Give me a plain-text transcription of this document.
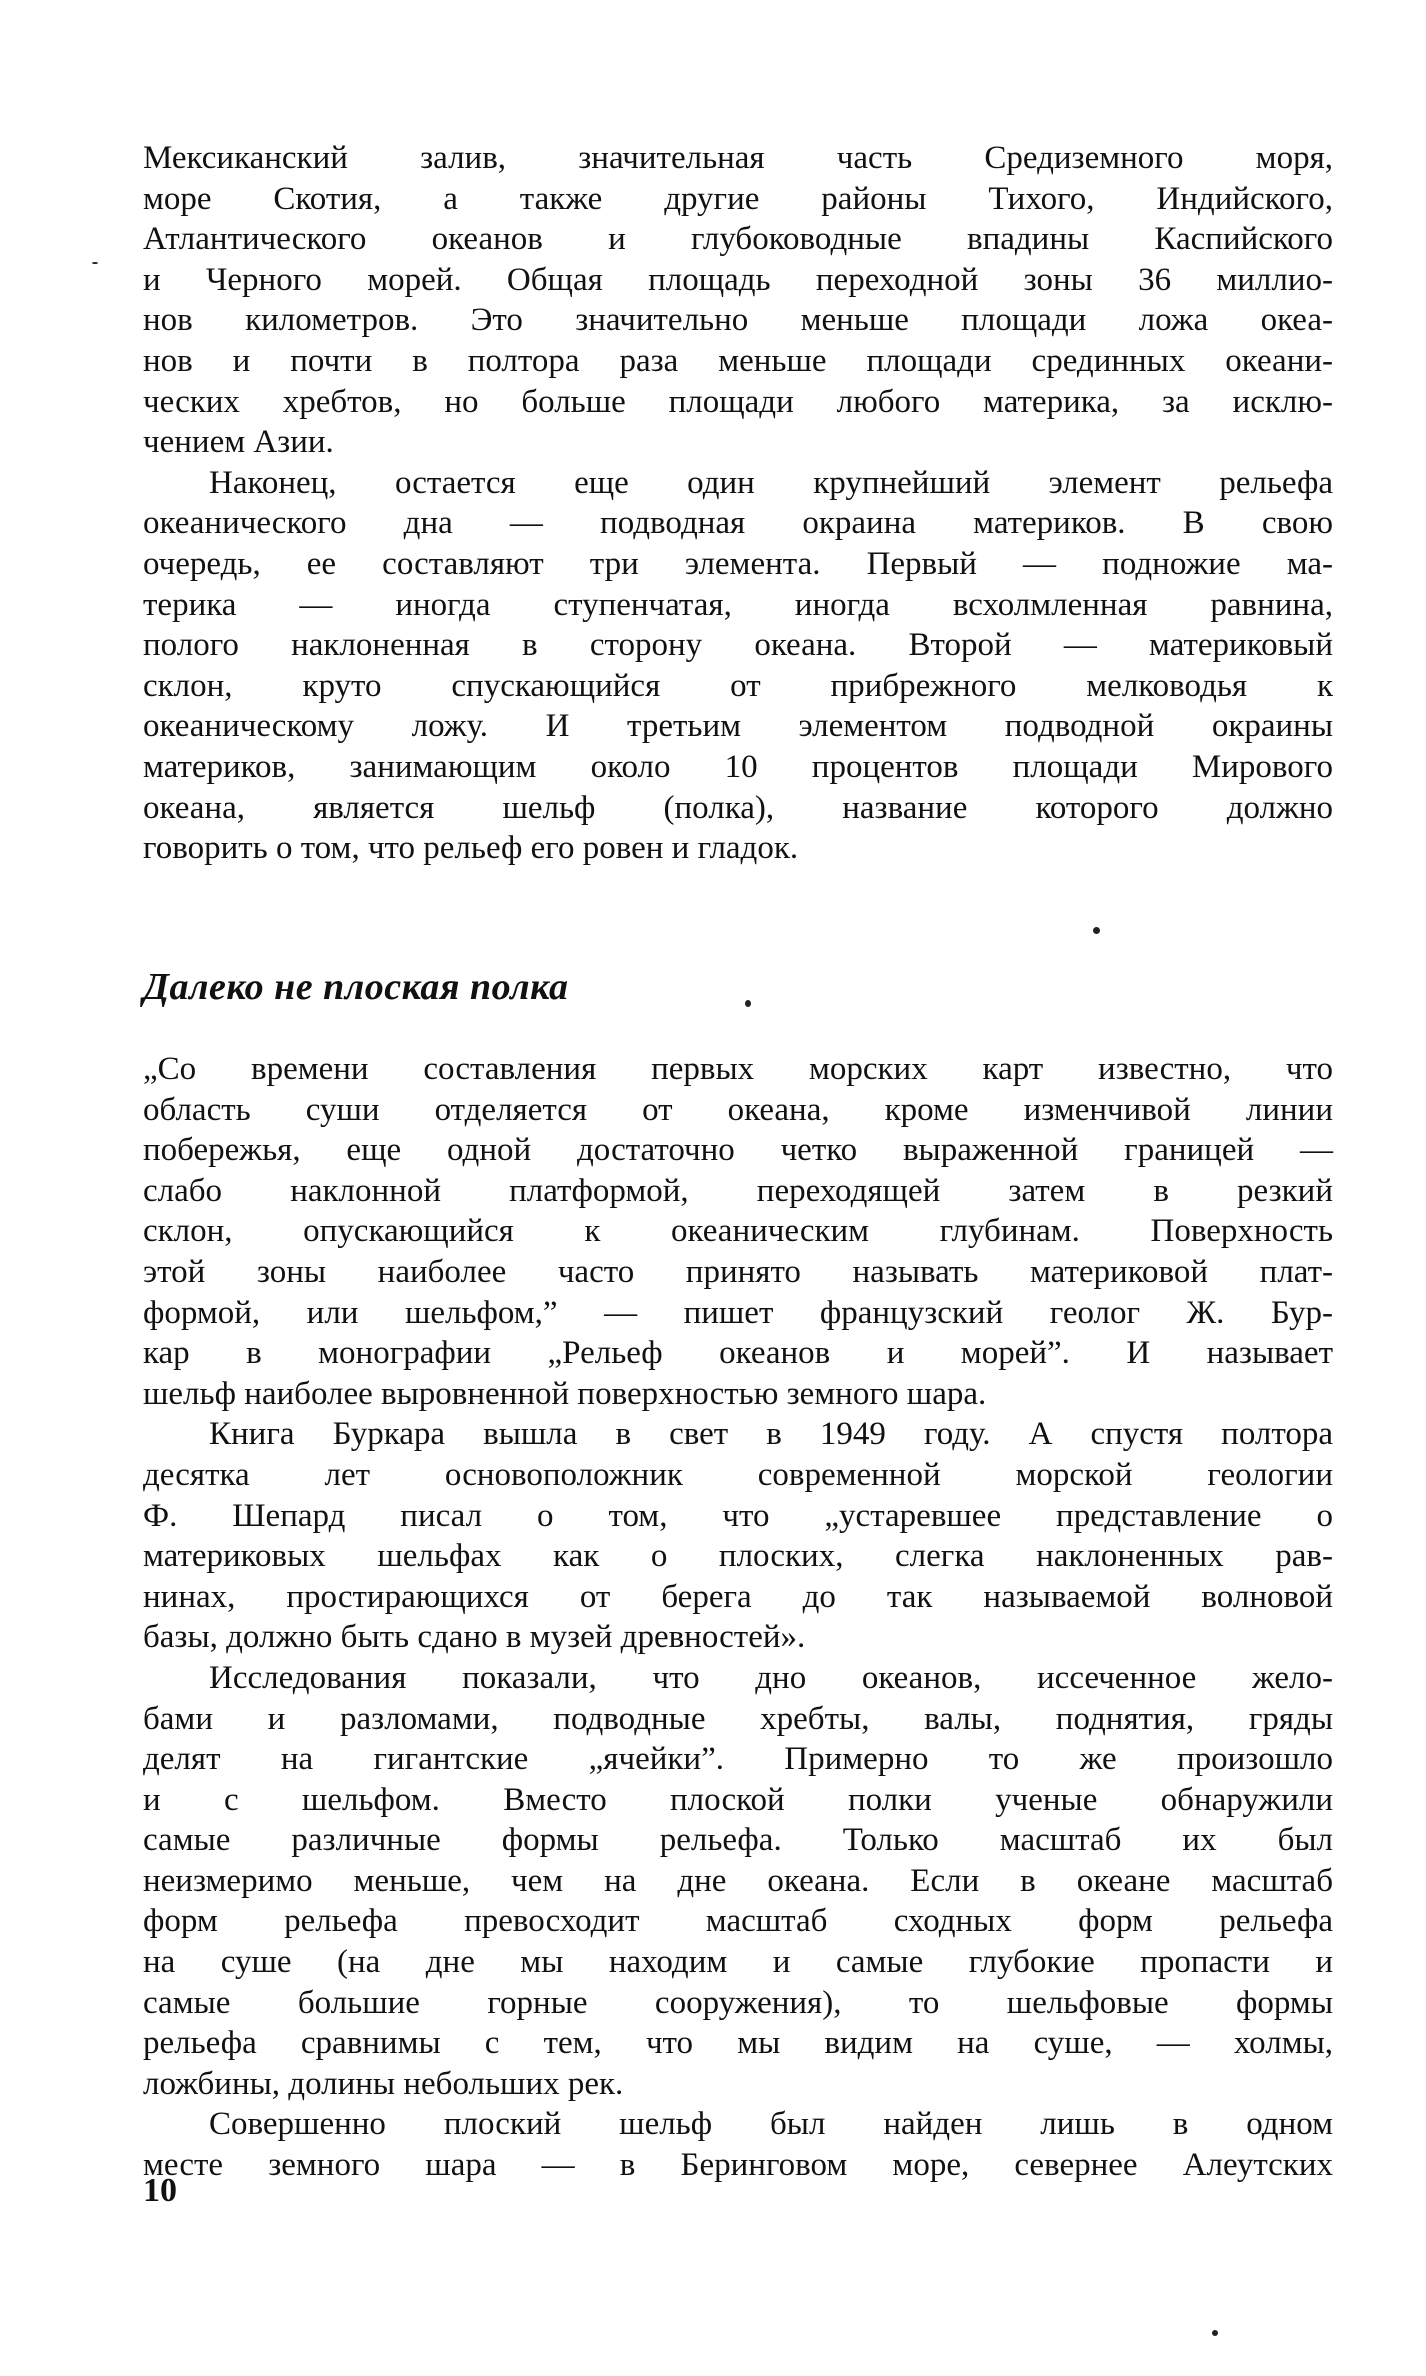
Мексиканский залив, значительная часть Средиземного моря,
море Скотия, а также другие районы Тихого, Индийского,
Атлантического океанов и глубоководные впадины Каспийского
и Черного морей. Общая площадь переходной зоны 36 миллио-
нов километров. Это значительно меньше площади ложа океа-
нов и почти в полтора раза меньше площади срединных океани-
ческих хребтов, но больше площади любого материка, за исклю-
чением Азии.

Наконец, остается еще один крупнейший элемент рельефа
океанического дна — подводная окраина материков. В свою
очередь, ее составляют три элемента. Первый — подножие ма-
терика — иногда ступенчатая, иногда всхолмленная равнина,
полого наклоненная в сторону океана. Второй — материковый
склон, круто спускающийся от прибрежного мелководья к
океаническому ложу. И третьим элементом подводной окраины
материков, занимающим около 10 процентов площади Мирового
океана, является шельф (полка), название которого должно
говорить о том, что рельеф его ровен и гладок.

Далеко не плоская полка

„Со времени составления первых морских карт известно, что
область суши отделяется от океана, кроме изменчивой линии
побережья, еще одной достаточно четко выраженной границей —
слабо наклонной платформой, переходящей затем в резкий
склон, опускающийся к океаническим глубинам. Поверхность
этой зоны наиболее часто принято называть материковой плат-
формой, или шельфом,” — пишет французский геолог Ж. Бур-
кар в монографии „Рельеф океанов и морей”. И называет
шельф наиболее выровненной поверхностью земного шара.

Книга Буркара вышла в свет в 1949 году. А спустя полтора
десятка лет основоположник современной морской геологии
Ф. Шепард писал о том, что „устаревшее представление о
материковых шельфах как о плоских, слегка наклоненных рав-
нинах, простирающихся от берега до так называемой волновой
базы, должно быть сдано в музей древностей».
Исследования показали, что дно океанов, иссеченное жело-
бами и разломами, подводные хребты, валы, поднятия, гряды
делят на гигантские „ячейки”. Примерно то же произошло
и с шельфом. Вместо плоской полки ученые обнаружили
самые различные формы рельефа. Только масштаб их был
неизмеримо меньше, чем на дне океана. Если в океане масштаб
форм рельефа превосходит масштаб сходных форм рельефа
на суше (на дне мы находим и самые глубокие пропасти и
самые большие горные сооружения), то шельфовые формы
рельефа сравнимы с тем, что мы видим на суше, — холмы,
ложбины, долины небольших рек.
Совершенно плоский шельф был найден лишь в одном
месте земного шара — в Беринговом море, севернее Алеутских

10
